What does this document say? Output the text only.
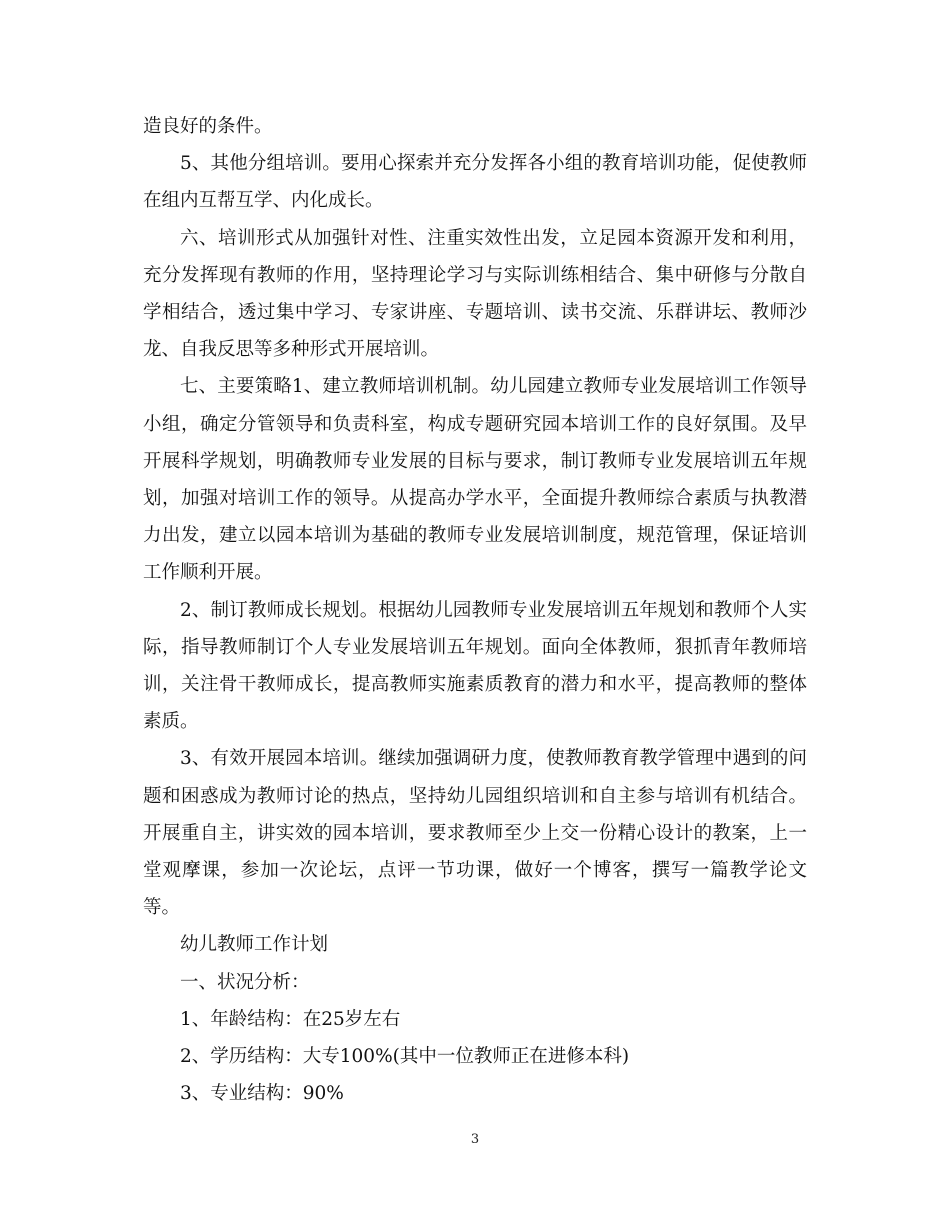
造良好的条件。

5、其他分组培训。要用心探索并充分发挥各小组的教育培训功能，促使教师在组内互帮互学、内化成长。

六、培训形式从加强针对性、注重实效性出发，立足园本资源开发和利用，充分发挥现有教师的作用，坚持理论学习与实际训练相结合、集中研修与分散自学相结合，透过集中学习、专家讲座、专题培训、读书交流、乐群讲坛、教师沙龙、自我反思等多种形式开展培训。

七、主要策略1、建立教师培训机制。幼儿园建立教师专业发展培训工作领导小组，确定分管领导和负责科室，构成专题研究园本培训工作的良好氛围。及早开展科学规划，明确教师专业发展的目标与要求，制订教师专业发展培训五年规划，加强对培训工作的领导。从提高办学水平，全面提升教师综合素质与执教潜力出发，建立以园本培训为基础的教师专业发展培训制度，规范管理，保证培训工作顺利开展。

2、制订教师成长规划。根据幼儿园教师专业发展培训五年规划和教师个人实际，指导教师制订个人专业发展培训五年规划。面向全体教师，狠抓青年教师培训，关注骨干教师成长，提高教师实施素质教育的潜力和水平，提高教师的整体素质。

3、有效开展园本培训。继续加强调研力度，使教师教育教学管理中遇到的问题和困惑成为教师讨论的热点，坚持幼儿园组织培训和自主参与培训有机结合。开展重自主，讲实效的园本培训，要求教师至少上交一份精心设计的教案，上一堂观摩课，参加一次论坛，点评一节功课，做好一个博客，撰写一篇教学论文等。

幼儿教师工作计划

一、状况分析：

1、年龄结构：在25岁左右

2、学历结构：大专100%(其中一位教师正在进修本科)

3、专业结构：90%

3
